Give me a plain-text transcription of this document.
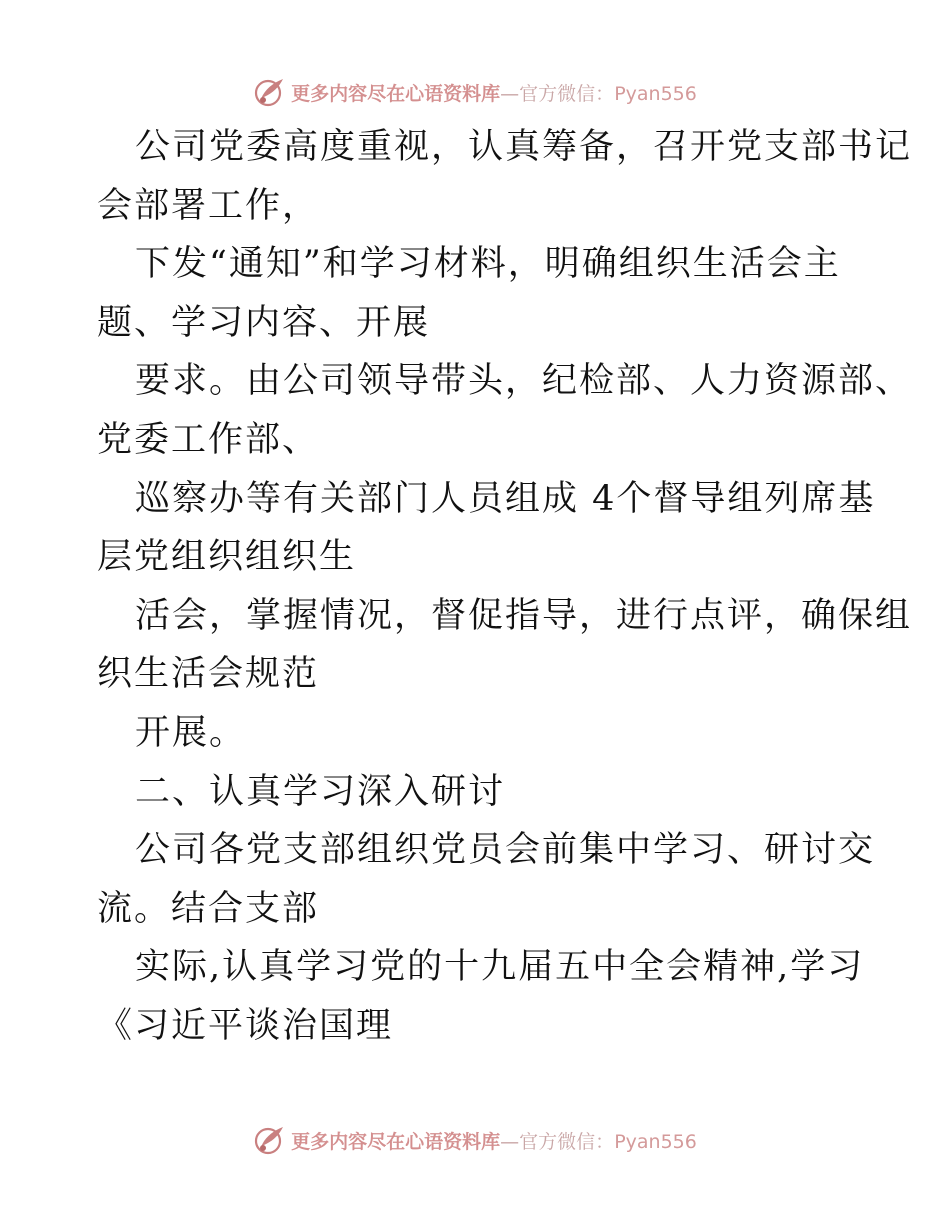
更多内容尽在心语资料库—官方微信：Pyan556
公司党委高度重视，认真筹备，召开党支部书记
会部署工作，
下发“通知”和学习材料，明确组织生活会主
题、学习内容、开展
要求。由公司领导带头，纪检部、人力资源部、
党委工作部、
巡察办等有关部门人员组成 4个督导组列席基
层党组织组织生
活会，掌握情况，督促指导，进行点评，确保组
织生活会规范
开展。
二、认真学习深入研讨
公司各党支部组织党员会前集中学习、研讨交
流。结合支部
实际,认真学习党的十九届五中全会精神,学习
《习近平谈治国理
更多内容尽在心语资料库—官方微信：Pyan556
